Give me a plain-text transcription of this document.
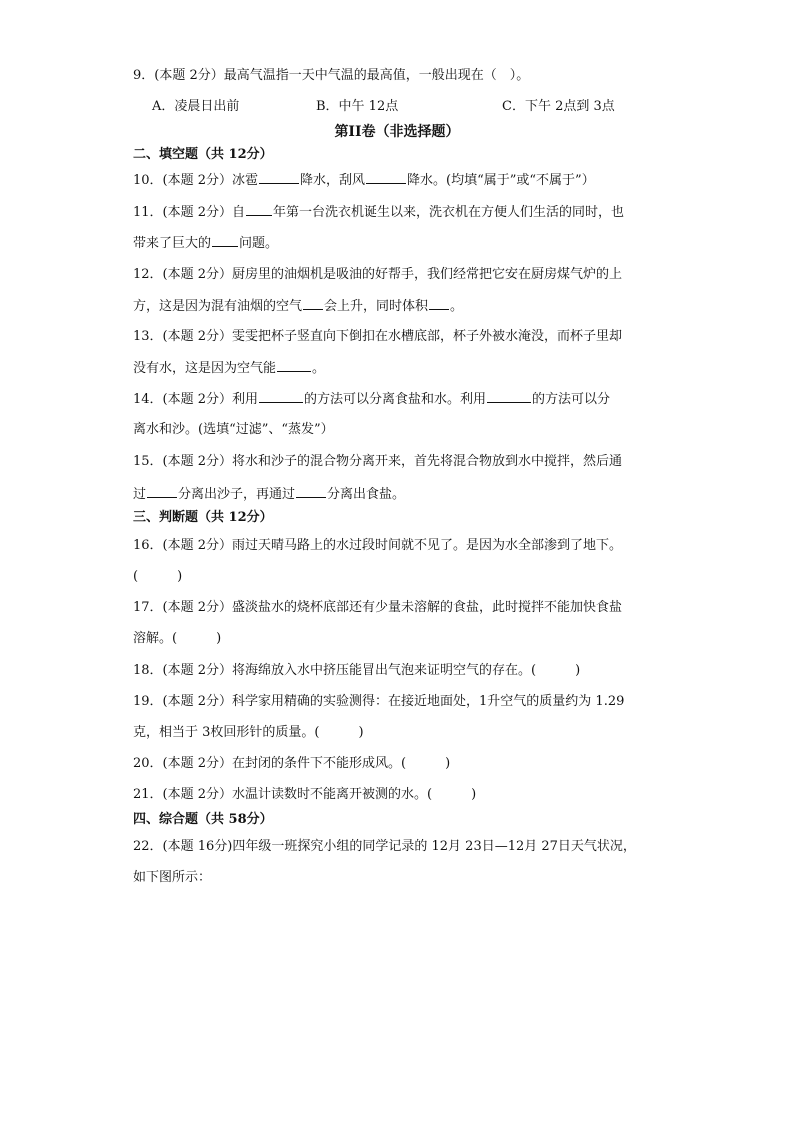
9．(本题 2分）最高气温指一天中气温的最高值，一般出现在（　）。
A．凌晨日出前	B．中午 12点	C．下午 2点到 3点
第II卷（非选择题）
二、填空题（共 12分）
10．(本题 2分）冰雹	降水，刮风	降水。(均填“属于”或“不属于”）
11．(本题 2分）自 年第一台洗衣机诞生以来，洗衣机在方便人们生活的同时，也
带来了巨大的 问题。
12．(本题 2分）厨房里的油烟机是吸油的好帮手，我们经常把它安在厨房煤气炉的上
方，这是因为混有油烟的空气 会上升，同时体积 。
13．(本题 2分）雯雯把杯子竖直向下倒扣在水槽底部，杯子外被水淹没，而杯子里却
没有水，这是因为空气能	。
14．(本题 2分）利用	的方法可以分离食盐和水。利用	的方法可以分
离水和沙。(选填“过滤”、“蒸发”）
15．(本题 2分）将水和沙子的混合物分离开来，首先将混合物放到水中搅拌，然后通
过 分离出沙子，再通过 分离出食盐。
三、判断题（共 12分）
16．(本题 2分）雨过天晴马路上的水过段时间就不见了。是因为水全部渗到了地下。
(　　　)
17．(本题 2分）盛淡盐水的烧杯底部还有少量未溶解的食盐，此时搅拌不能加快食盐
溶解。(　　　)
18．(本题 2分）将海绵放入水中挤压能冒出气泡来证明空气的存在。(　　　)
19．(本题 2分）科学家用精确的实验测得：在接近地面处，1升空气的质量约为 1.29
克，相当于 3枚回形针的质量。(　　　)
20．(本题 2分）在封闭的条件下不能形成风。(　　　)
21．(本题 2分）水温计读数时不能离开被测的水。(　　　)
四、综合题（共 58分）
22．(本题 16分)四年级一班探究小组的同学记录的 12月 23日—12月 27日天气状况，
如下图所示：
